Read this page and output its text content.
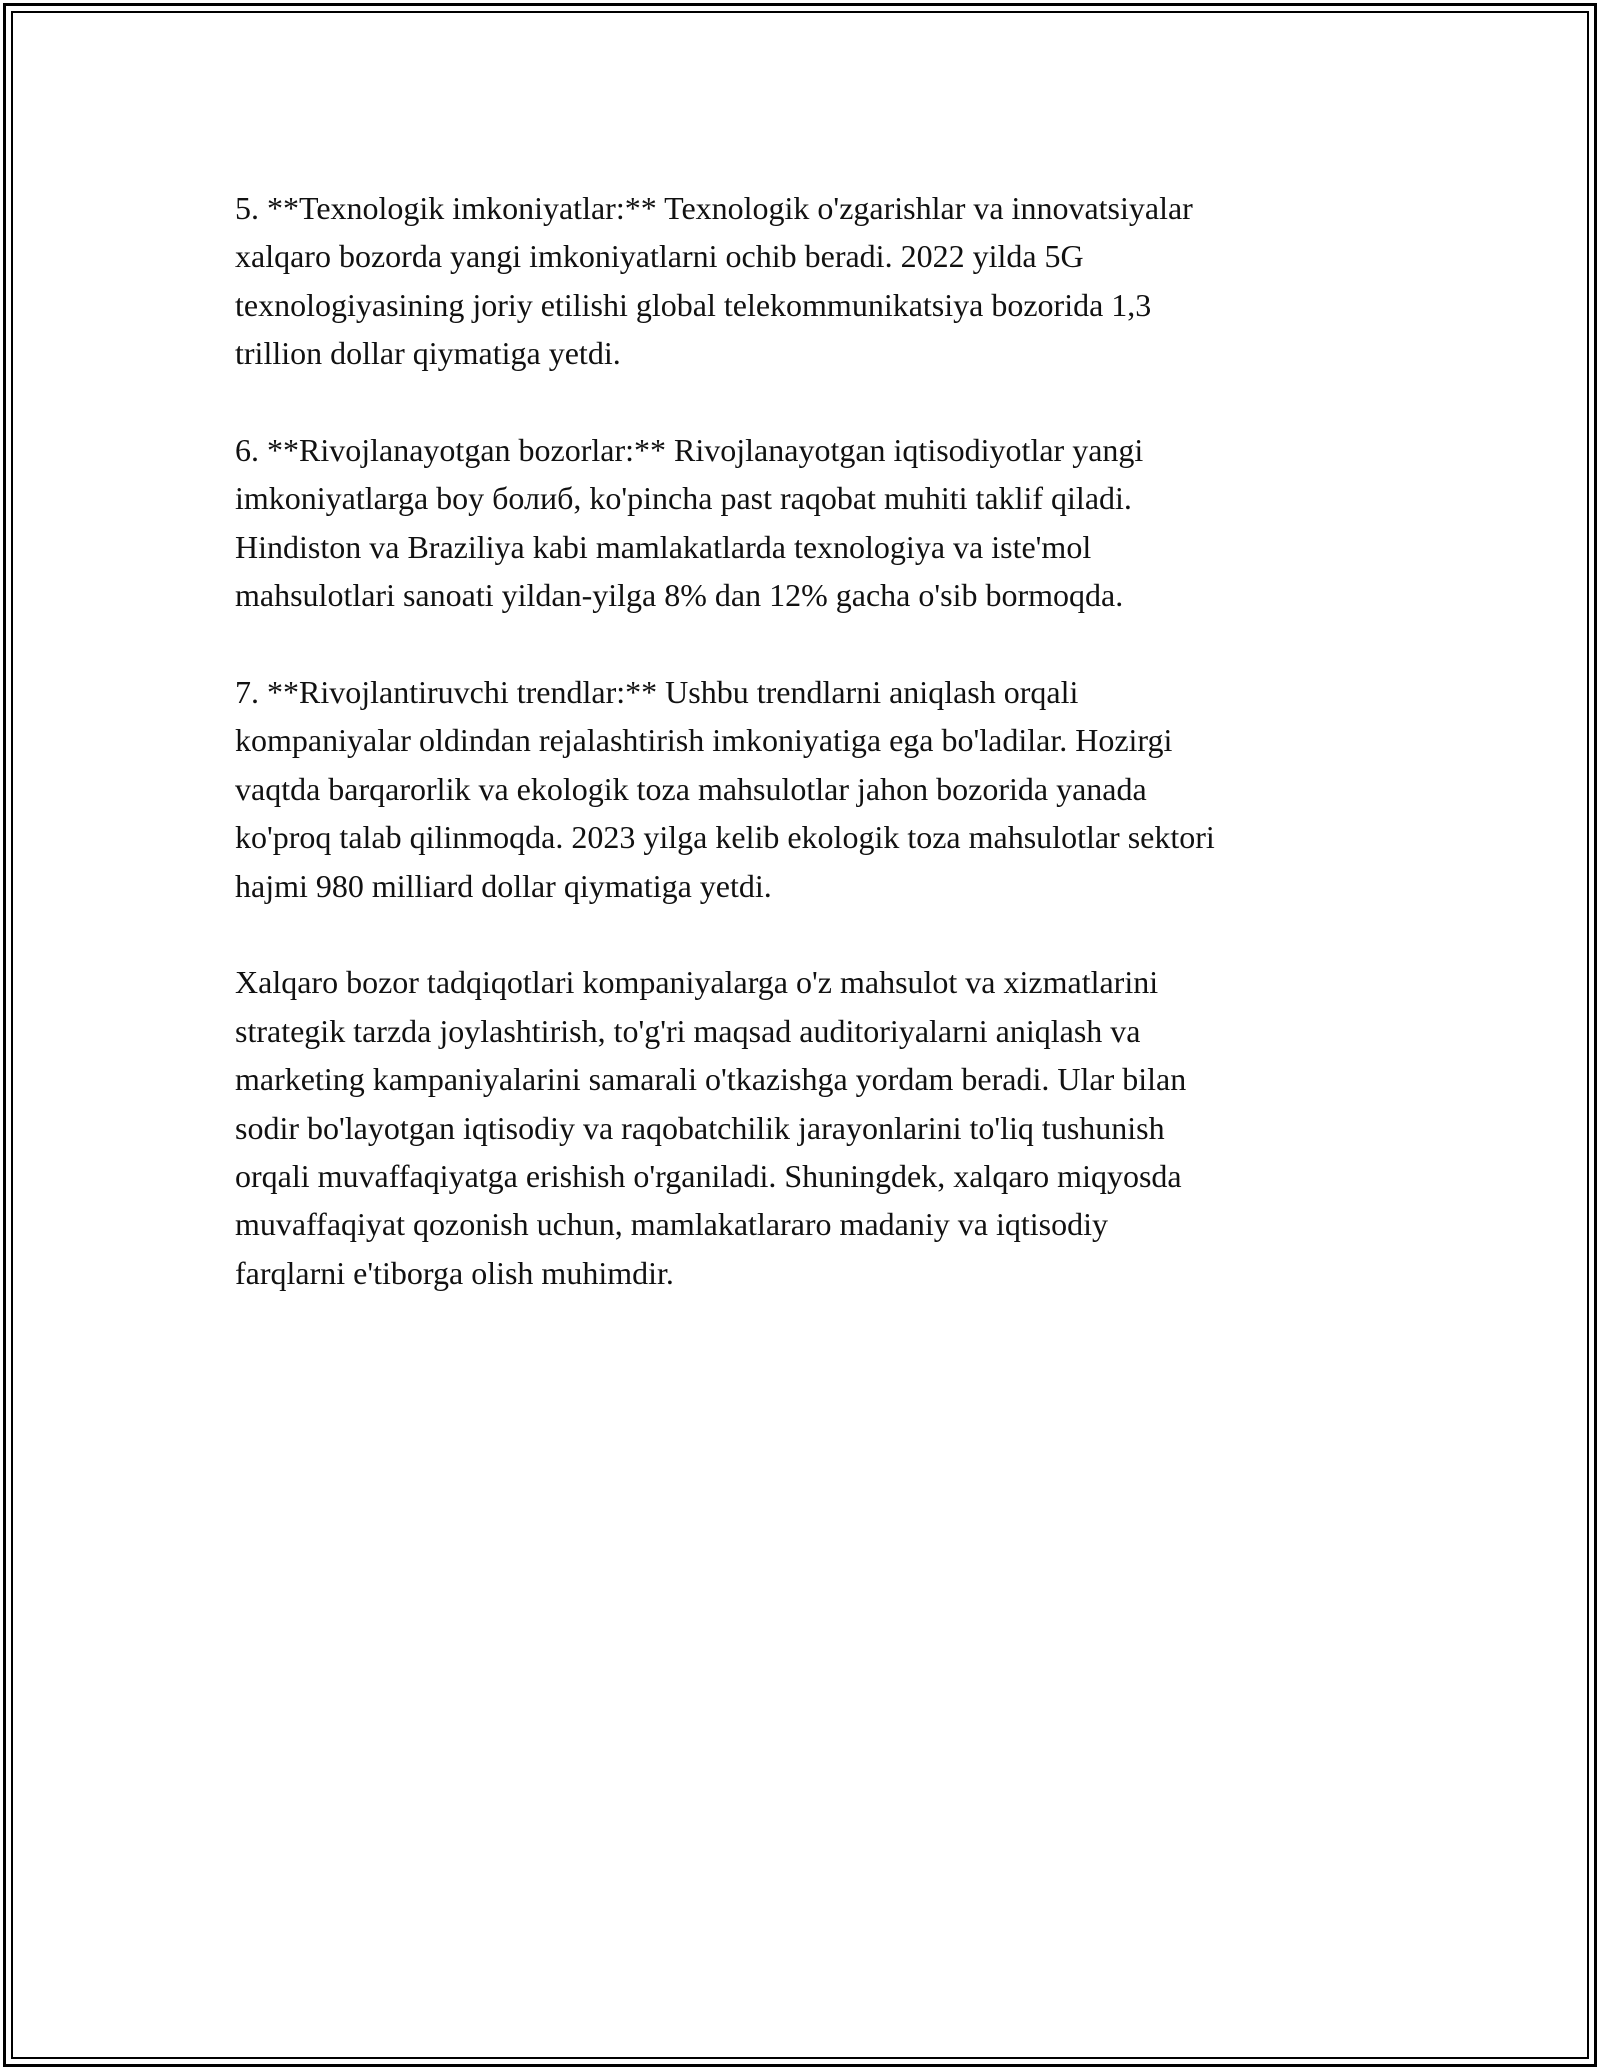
5. **Texnologik imkoniyatlar:** Texnologik o'zgarishlar va innovatsiyalar
xalqaro bozorda yangi imkoniyatlarni ochib beradi. 2022 yilda 5G
texnologiyasining joriy etilishi global telekommunikatsiya bozorida 1,3
trillion dollar qiymatiga yetdi.

6. **Rivojlanayotgan bozorlar:** Rivojlanayotgan iqtisodiyotlar yangi
imkoniyatlarga boy болиб, ko'pincha past raqobat muhiti taklif qiladi.
Hindiston va Braziliya kabi mamlakatlarda texnologiya va iste'mol
mahsulotlari sanoati yildan-yilga 8% dan 12% gacha o'sib bormoqda.

7. **Rivojlantiruvchi trendlar:** Ushbu trendlarni aniqlash orqali
kompaniyalar oldindan rejalashtirish imkoniyatiga ega bo'ladilar. Hozirgi
vaqtda barqarorlik va ekologik toza mahsulotlar jahon bozorida yanada
ko'proq talab qilinmoqda. 2023 yilga kelib ekologik toza mahsulotlar sektori
hajmi 980 milliard dollar qiymatiga yetdi.

Xalqaro bozor tadqiqotlari kompaniyalarga o'z mahsulot va xizmatlarini
strategik tarzda joylashtirish, to'g'ri maqsad auditoriyalarni aniqlash va
marketing kampaniyalarini samarali o'tkazishga yordam beradi. Ular bilan
sodir bo'layotgan iqtisodiy va raqobatchilik jarayonlarini to'liq tushunish
orqali muvaffaqiyatga erishish o'rganiladi. Shuningdek, xalqaro miqyosda
muvaffaqiyat qozonish uchun, mamlakatlararo madaniy va iqtisodiy
farqlarni e'tiborga olish muhimdir.
